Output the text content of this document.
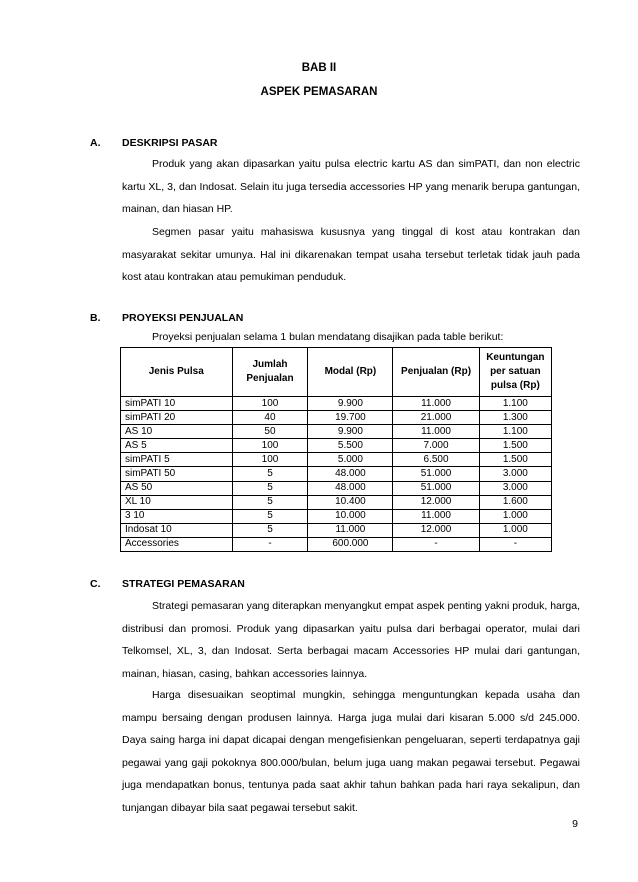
BAB II
ASPEK PEMASARAN
A. DESKRIPSI PASAR

Produk yang akan dipasarkan yaitu pulsa electric kartu AS dan simPATI, dan non electric kartu XL, 3, dan Indosat. Selain itu juga tersedia accessories HP yang menarik berupa gantungan, mainan, dan hiasan HP.

Segmen pasar yaitu mahasiswa kususnya yang tinggal di kost atau kontrakan dan masyarakat sekitar umunya. Hal ini dikarenakan tempat usaha tersebut terletak tidak jauh pada kost atau kontrakan atau pemukiman penduduk.

B. PROYEKSI PENJUALAN
Proyeksi penjualan selama 1 bulan mendatang disajikan pada table berikut:
Jenis Pulsa	Jumlah Penjualan	Modal (Rp)	Penjualan (Rp)	Keuntungan per satuan pulsa (Rp)
simPATI 10	100	9.900	11.000	1.100
simPATI 20	40	19.700	21.000	1.300
AS 10	50	9.900	11.000	1.100
AS 5	100	5.500	7.000	1.500
simPATI 5	100	5.000	6.500	1.500
simPATI 50	5	48.000	51.000	3.000
AS 50	5	48.000	51.000	3.000
XL 10	5	10.400	12.000	1.600
3 10	5	10.000	11.000	1.000
Indosat 10	5	11.000	12.000	1.000
Accessories	-	600.000	-	-
C. STRATEGI PEMASARAN

Strategi pemasaran yang diterapkan menyangkut empat aspek penting yakni produk, harga, distribusi dan promosi. Produk yang dipasarkan yaitu pulsa dari berbagai operator, mulai dari Telkomsel, XL, 3, dan Indosat. Serta berbagai macam Accessories HP mulai dari gantungan, mainan, hiasan, casing, bahkan accessories lainnya.

Harga disesuaikan seoptimal mungkin, sehingga menguntungkan kepada usaha dan mampu bersaing dengan produsen lainnya. Harga juga mulai dari kisaran 5.000 s/d 245.000. Daya saing harga ini dapat dicapai dengan mengefisienkan pengeluaran, seperti terdapatnya gaji pegawai yang gaji pokoknya 800.000/bulan, belum juga uang makan pegawai tersebut. Pegawai juga mendapatkan bonus, tentunya pada saat akhir tahun bahkan pada hari raya sekalipun, dan tunjangan dibayar bila saat pegawai tersebut sakit.

9
